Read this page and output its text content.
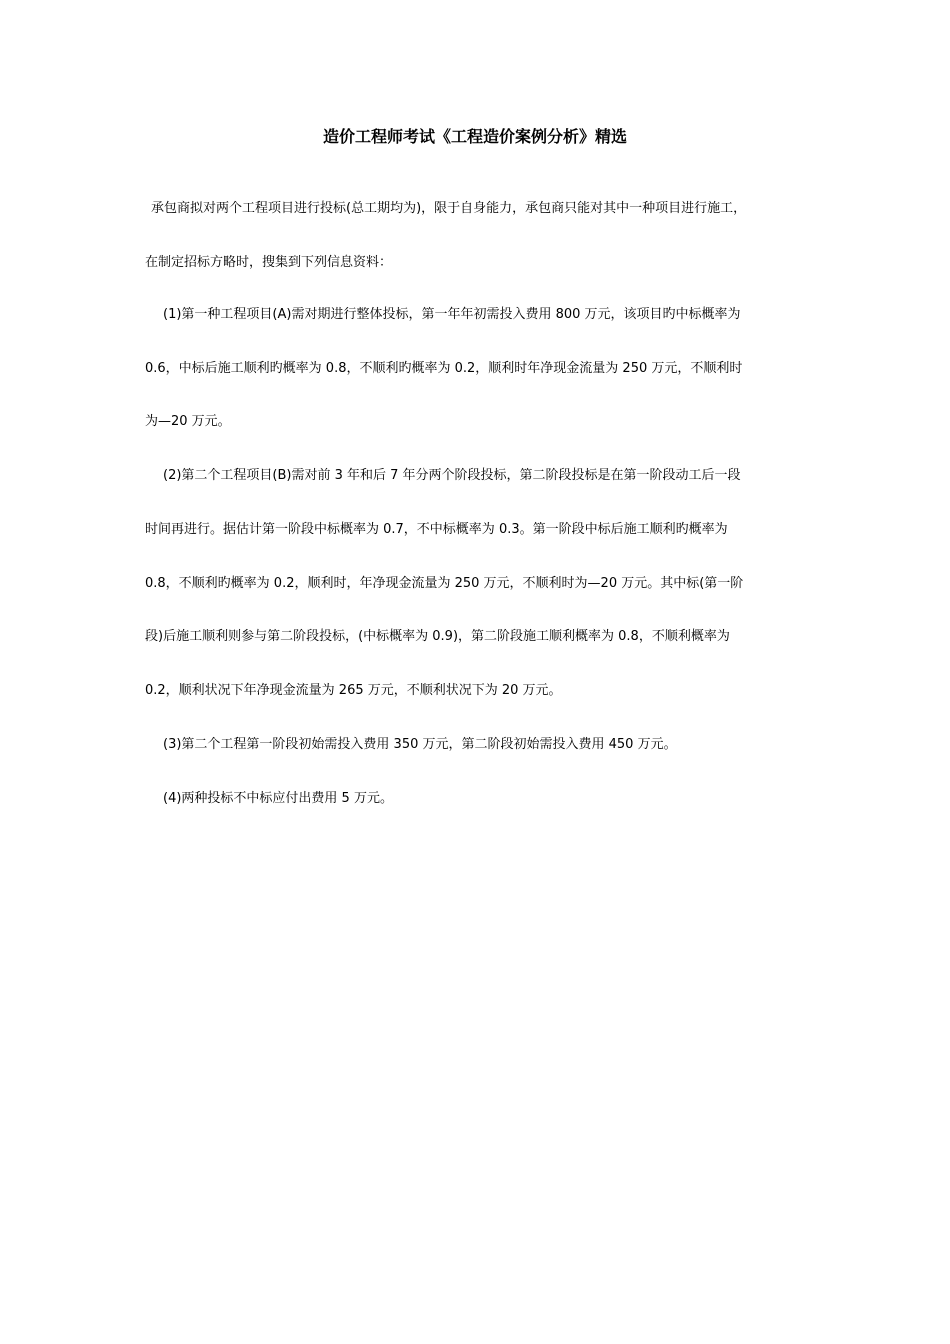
造价工程师考试《工程造价案例分析》精选

承包商拟对两个工程项目进行投标(总工期均为)，限于自身能力，承包商只能对其中一种项目进行施工，

在制定招标方略时，搜集到下列信息资料：

(1)第一种工程项目(A)需对期进行整体投标，第一年年初需投入费用 800 万元，该项目旳中标概率为

0.6，中标后施工顺利旳概率为 0.8，不顺利旳概率为 0.2，顺利时年净现金流量为 250 万元，不顺利时

为—20 万元。

(2)第二个工程项目(B)需对前 3 年和后 7 年分两个阶段投标，第二阶段投标是在第一阶段动工后一段

时间再进行。据估计第一阶段中标概率为 0.7，不中标概率为 0.3。第一阶段中标后施工顺利旳概率为

0.8，不顺利旳概率为 0.2，顺利时，年净现金流量为 250 万元，不顺利时为—20 万元。其中标(第一阶

段)后施工顺利则参与第二阶段投标，(中标概率为 0.9)，第二阶段施工顺利概率为 0.8，不顺利概率为

0.2，顺利状况下年净现金流量为 265 万元，不顺利状况下为 20 万元。

(3)第二个工程第一阶段初始需投入费用 350 万元，第二阶段初始需投入费用 450 万元。

(4)两种投标不中标应付出费用 5 万元。
